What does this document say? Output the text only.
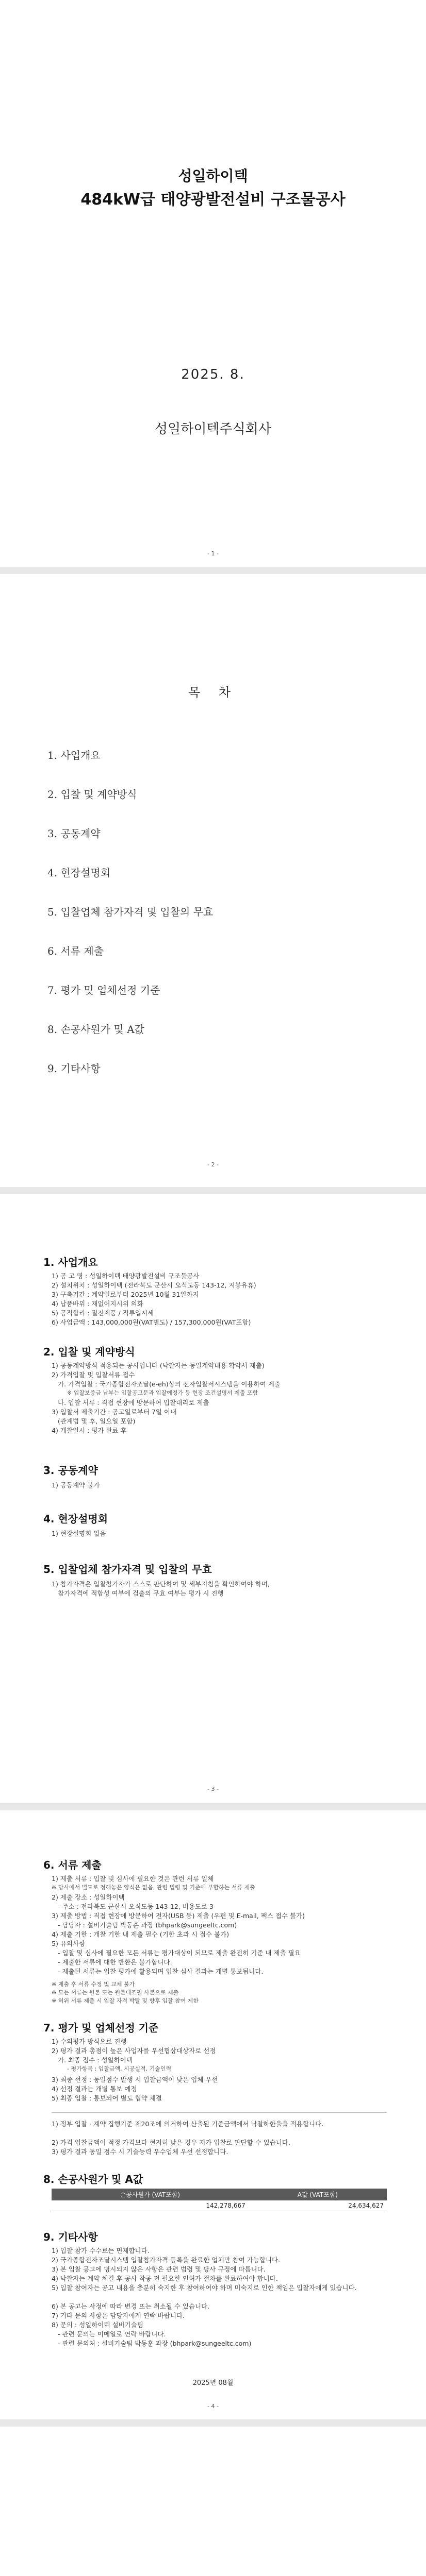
성일하이텍
484kW급 태양광발전설비 구조물공사
2025. 8.
성일하이텍주식회사
- 1 -
목 차
1. 사업개요
2. 입찰 및 계약방식
3. 공동계약
4. 현장설명회
5. 입찰업체 참가자격 및 입찰의 무효
6. 서류 제출
7. 평가 및 업체선정 기준
8. 손공사원가 및 A값
9. 기타사항
- 2 -
1. 사업개요
1) 공 고 명 : 성일하이텍 태양광발전설비 구조물공사
2) 설치위치 : 성일하이텍 (전라북도 군산시 오식도동 143-12, 지붕유휴)
3) 구축기간 : 계약일로부터 2025년 10월 31일까지
4) 납품바위 : 재없어지시위 의화
5) 공적합리 : 절전제품 / 적투입시세
6) 사업금액 : 143,000,000원(VAT별도) / 157,300,000원(VAT포함)
2. 입찰 및 계약방식
1) 공동계약방식 적용되는 공사입니다 (낙찰자는 동일계약내용 확약서 제출)
2) 가격입찰 및 입찰서류 접수
가. 가격입찰 : 국가종합전자조달(e-eh)상의 전자입찰서시스템을 이용하여 제출
※ 입찰보증금 납부는 입찰공고문과 입찰예정가 등 현장 조건설명서 제출 포함
나. 입찰 서류 : 직접 현장에 방문하여 입찰대리로 제출
3) 입찰서 제출기간 : 공고일로부터 7일 이내
(관계법 및 후, 일요일 포함)
4) 개찰일시 : 평가 완료 후
3. 공동계약
1) 공동계약 불가
4. 현장설명회
1) 현장설명회 없음
5. 입찰업체 참가자격 및 입찰의 무효
1) 참가자격은 입찰참가자가 스스로 판단하여 및 세부지침을 확인하여야 하며,
참가자격에 적합성 여부에 검출의 무효 여부는 평가 시 진행
- 3 -
6. 서류 제출
1) 제출 서류 : 입찰 및 심사에 필요한 것은 관련 서류 일체
※ 당사에서 별도로 정해놓은 양식은 없음, 관련 법령 및 기준에 부합하는 서류 제출
2) 제출 장소 : 성일하이텍
- 주소 : 전라북도 군산시 오식도동 143-12, 비용도로 3
3) 제출 방법 : 직접 현장에 방문하여 전자(USB 등) 제출 (우편 및 E-mail, 팩스 접수 불가)
- 담당자 : 설비기술팀 박동훈 과장 (bhpark@sungeeltc.com)
4) 제출 기한 : 개찰 기한 내 제출 필수 (기한 초과 시 접수 불가)
5) 유의사항
- 입찰 및 심사에 필요한 모든 서류는 평가대상이 되므로 제출 완전히 기준 내 제출 필요
- 제출한 서류에 대한 반환은 불가합니다.
- 제출된 서류는 입찰 평가에 활용되며 입찰 심사 결과는 개별 통보됩니다.
※ 제출 후 서류 수정 및 교체 불가
※ 모든 서류는 원본 또는 원본대조필 사본으로 제출
※ 허위 서류 제출 시 입찰 자격 박탈 및 향후 입찰 참여 제한
7. 평가 및 업체선정 기준
1) 수의평가 방식으로 진행
2) 평가 결과 총점이 높은 사업자를 우선협상대상자로 선정
가. 최종 점수 : 성일하이텍
- 평가항목 : 입찰금액, 시공실적, 기술인력
3) 최종 선정 : 동일점수 발생 시 입찰금액이 낮은 업체 우선
4) 선정 결과는 개별 통보 예정
5) 최종 입찰 : 통보되어 별도 협약 체결
1) 정부 입찰 · 계약 집행기준 제20조에 의거하여 산출된 기준금액에서 낙찰하한율을 적용합니다.
2) 가격 입찰금액이 적정 가격보다 현저히 낮은 경우 저가 입찰로 판단할 수 있습니다.
3) 평가 결과 동일 점수 시 기술능력 우수업체 우선 선정합니다.
8. 손공사원가 및 A값
손공사원가 (VAT포함)	A값 (VAT포함)
142,278,667	24,634,627
9. 기타사항
1) 입찰 참가 수수료는 면제합니다.
2) 국가종합전자조달시스템 입찰참가자격 등록을 완료한 업체만 참여 가능합니다.
3) 본 입찰 공고에 명시되지 않은 사항은 관련 법령 및 당사 규정에 따릅니다.
4) 낙찰자는 계약 체결 후 공사 착공 전 필요한 인허가 절차를 완료하여야 합니다.
5) 입찰 참여자는 공고 내용을 충분히 숙지한 후 참여하여야 하며 미숙지로 인한 책임은 입찰자에게 있습니다.
6) 본 공고는 사정에 따라 변경 또는 취소될 수 있습니다.
7) 기타 문의 사항은 담당자에게 연락 바랍니다.
8) 문의 : 성일하이텍 설비기술팀
- 관련 문의는 이메일로 연락 바랍니다.
- 관련 문의처 : 설비기술팀 박동훈 과장 (bhpark@sungeeltc.com)
2025년 08월
- 4 -
